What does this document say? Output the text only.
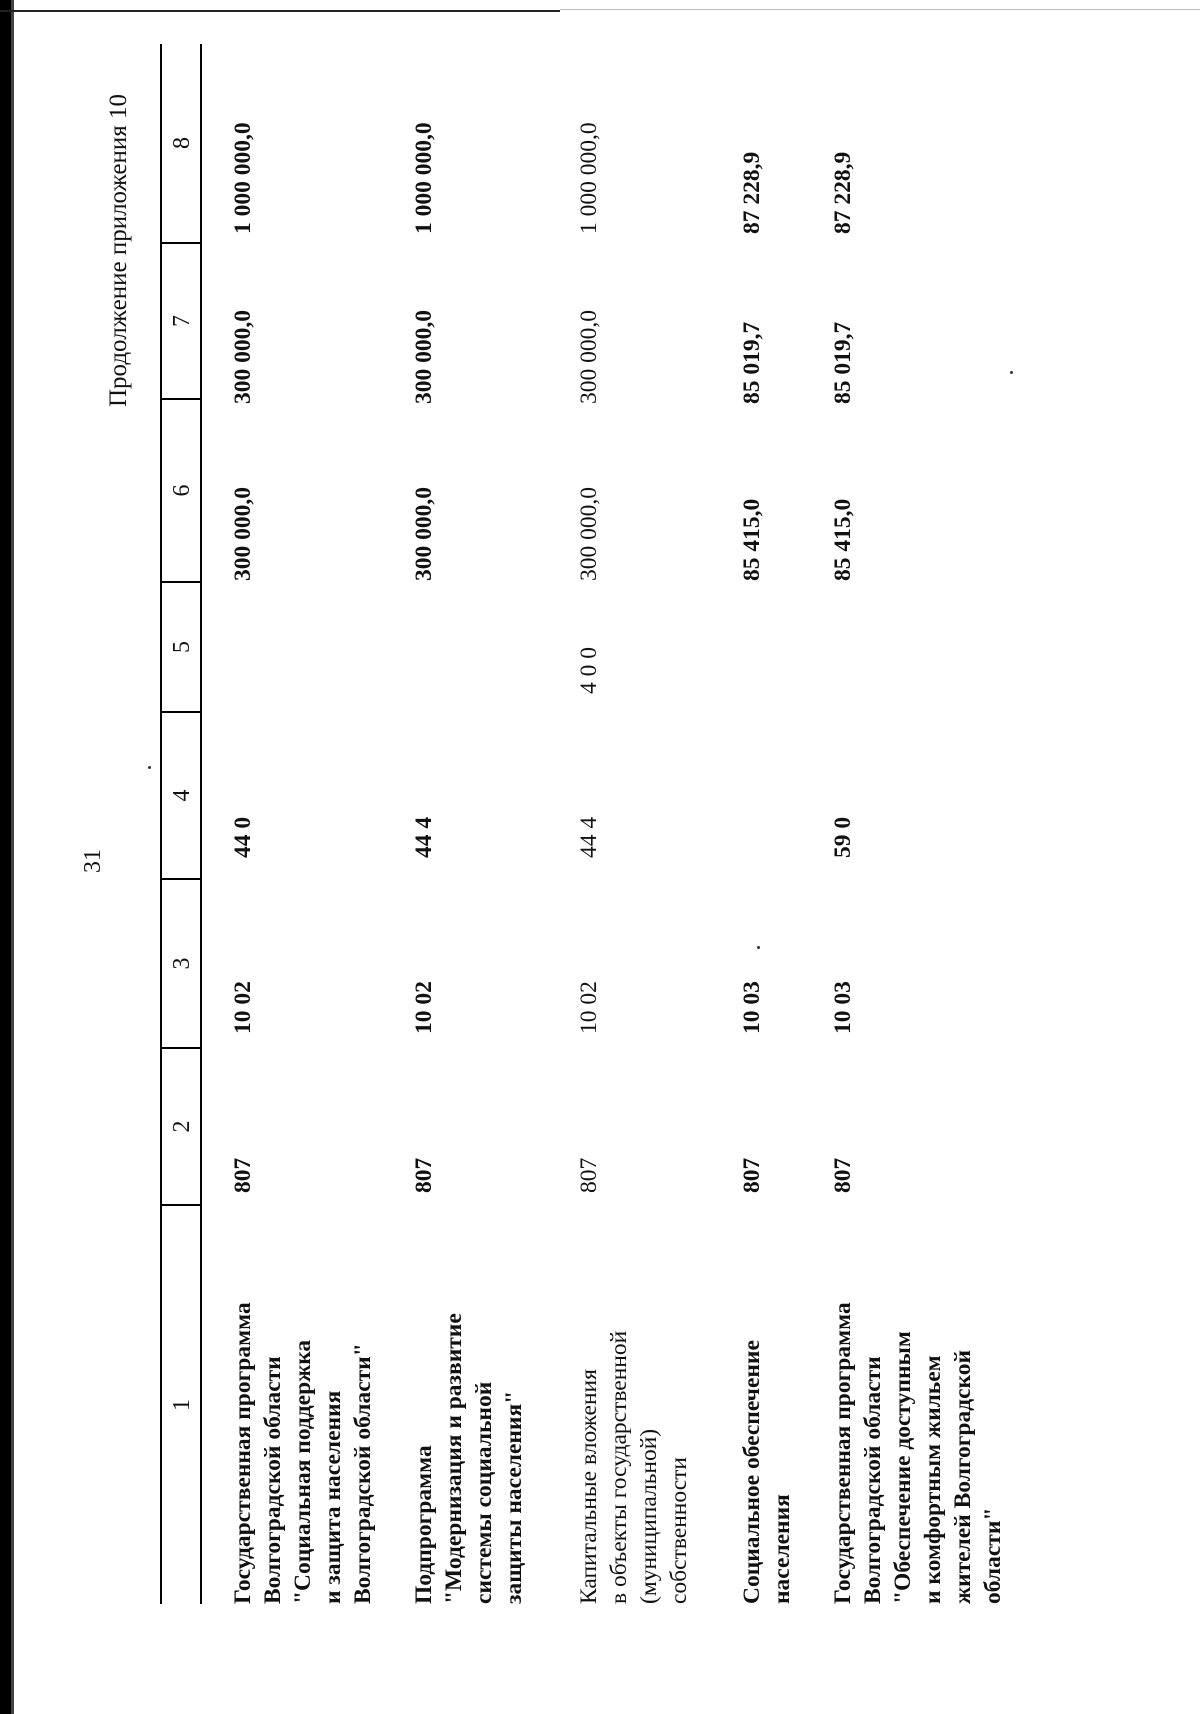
31
Продолжение приложения 10
1
2
3
4
5
6
7
8
Государственная программа Волгоградской области "Социальная поддержка и защита населения Волгоградской области"
807
10 02
44 0
300 000,0
300 000,0
1 000 000,0
Подпрограмма "Модернизация и развитие системы социальной защиты населения"
807
10 02
44 4
300 000,0
300 000,0
1 000 000,0
Капитальные вложения в объекты государственной (муниципальной) собственности
807
10 02
44 4
4 0 0
300 000,0
300 000,0
1 000 000,0
Социальное обеспечение населения
807
10 03
85 415,0
85 019,7
87 228,9
Государственная программа Волгоградской области "Обеспечение доступным и комфортным жильем жителей Волгоградской области"
807
10 03
59 0
85 415,0
85 019,7
87 228,9
